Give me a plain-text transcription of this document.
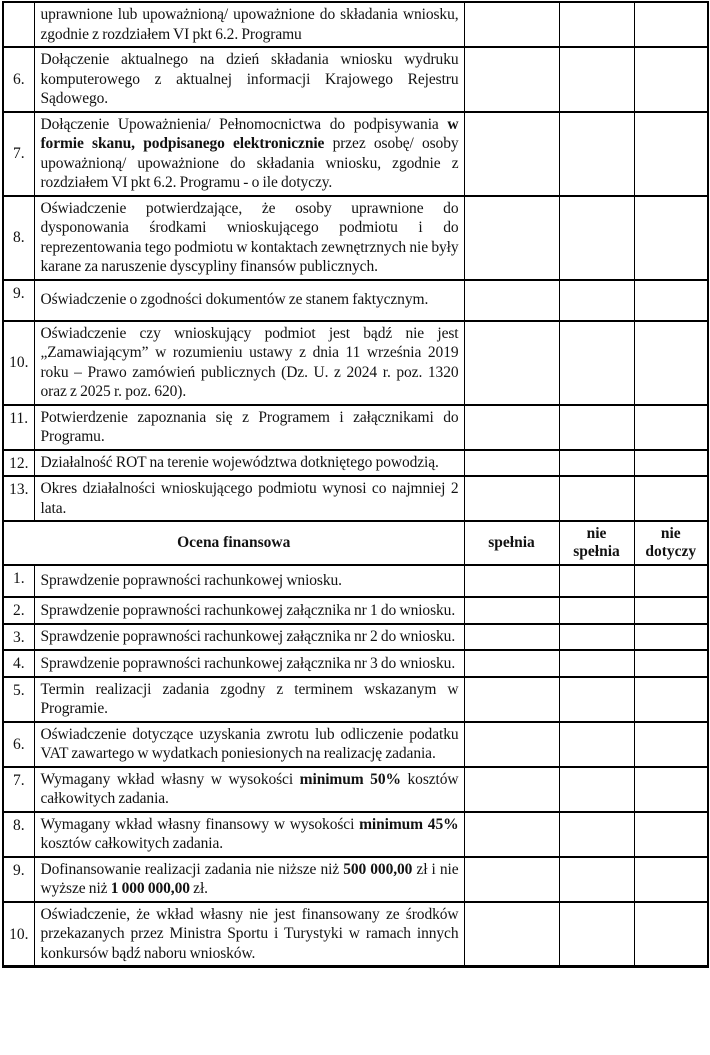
	uprawnione lub upoważnioną/ upoważnione do składania wniosku, zgodnie z rozdziałem VI pkt 6.2. Programu			
6.	Dołączenie aktualnego na dzień składania wniosku wydruku komputerowego z aktualnej informacji Krajowego Rejestru Sądowego.			
7.	Dołączenie Upoważnienia/ Pełnomocnictwa do podpisywania w formie skanu, podpisanego elektronicznie przez osobę/ osoby upoważnioną/ upoważnione do składania wniosku, zgodnie z rozdziałem VI pkt 6.2. Programu - o ile dotyczy.			
8.	Oświadczenie potwierdzające, że osoby uprawnione do dysponowania środkami wnioskującego podmiotu i do reprezentowania tego podmiotu w kontaktach zewnętrznych nie były karane za naruszenie dyscypliny finansów publicznych.			
9.	Oświadczenie o zgodności dokumentów ze stanem faktycznym.			
10.	Oświadczenie czy wnioskujący podmiot jest bądź nie jest „Zamawiającym” w rozumieniu ustawy z dnia 11 września 2019 roku – Prawo zamówień publicznych (Dz. U. z 2024 r. poz. 1320 oraz z 2025 r. poz. 620).			
11.	Potwierdzenie zapoznania się z Programem i załącznikami do Programu.			
12.	Działalność ROT na terenie województwa dotkniętego powodzią.			
13.	Okres działalności wnioskującego podmiotu wynosi co najmniej 2 lata.			
Ocena finansowa		spełnia	nie spełnia	nie dotyczy
1.	Sprawdzenie poprawności rachunkowej wniosku.			
2.	Sprawdzenie poprawności rachunkowej załącznika nr 1 do wniosku.			
3.	Sprawdzenie poprawności rachunkowej załącznika nr 2 do wniosku.			
4.	Sprawdzenie poprawności rachunkowej załącznika nr 3 do wniosku.			
5.	Termin realizacji zadania zgodny z terminem wskazanym w Programie.			
6.	Oświadczenie dotyczące uzyskania zwrotu lub odliczenie podatku VAT zawartego w wydatkach poniesionych na realizację zadania.			
7.	Wymagany wkład własny w wysokości minimum 50% kosztów całkowitych zadania.			
8.	Wymagany wkład własny finansowy w wysokości minimum 45% kosztów całkowitych zadania.			
9.	Dofinansowanie realizacji zadania nie niższe niż 500 000,00 zł i nie wyższe niż 1 000 000,00 zł.			
10.	Oświadczenie, że wkład własny nie jest finansowany ze środków przekazanych przez Ministra Sportu i Turystyki w ramach innych konkursów bądź naboru wniosków.			
